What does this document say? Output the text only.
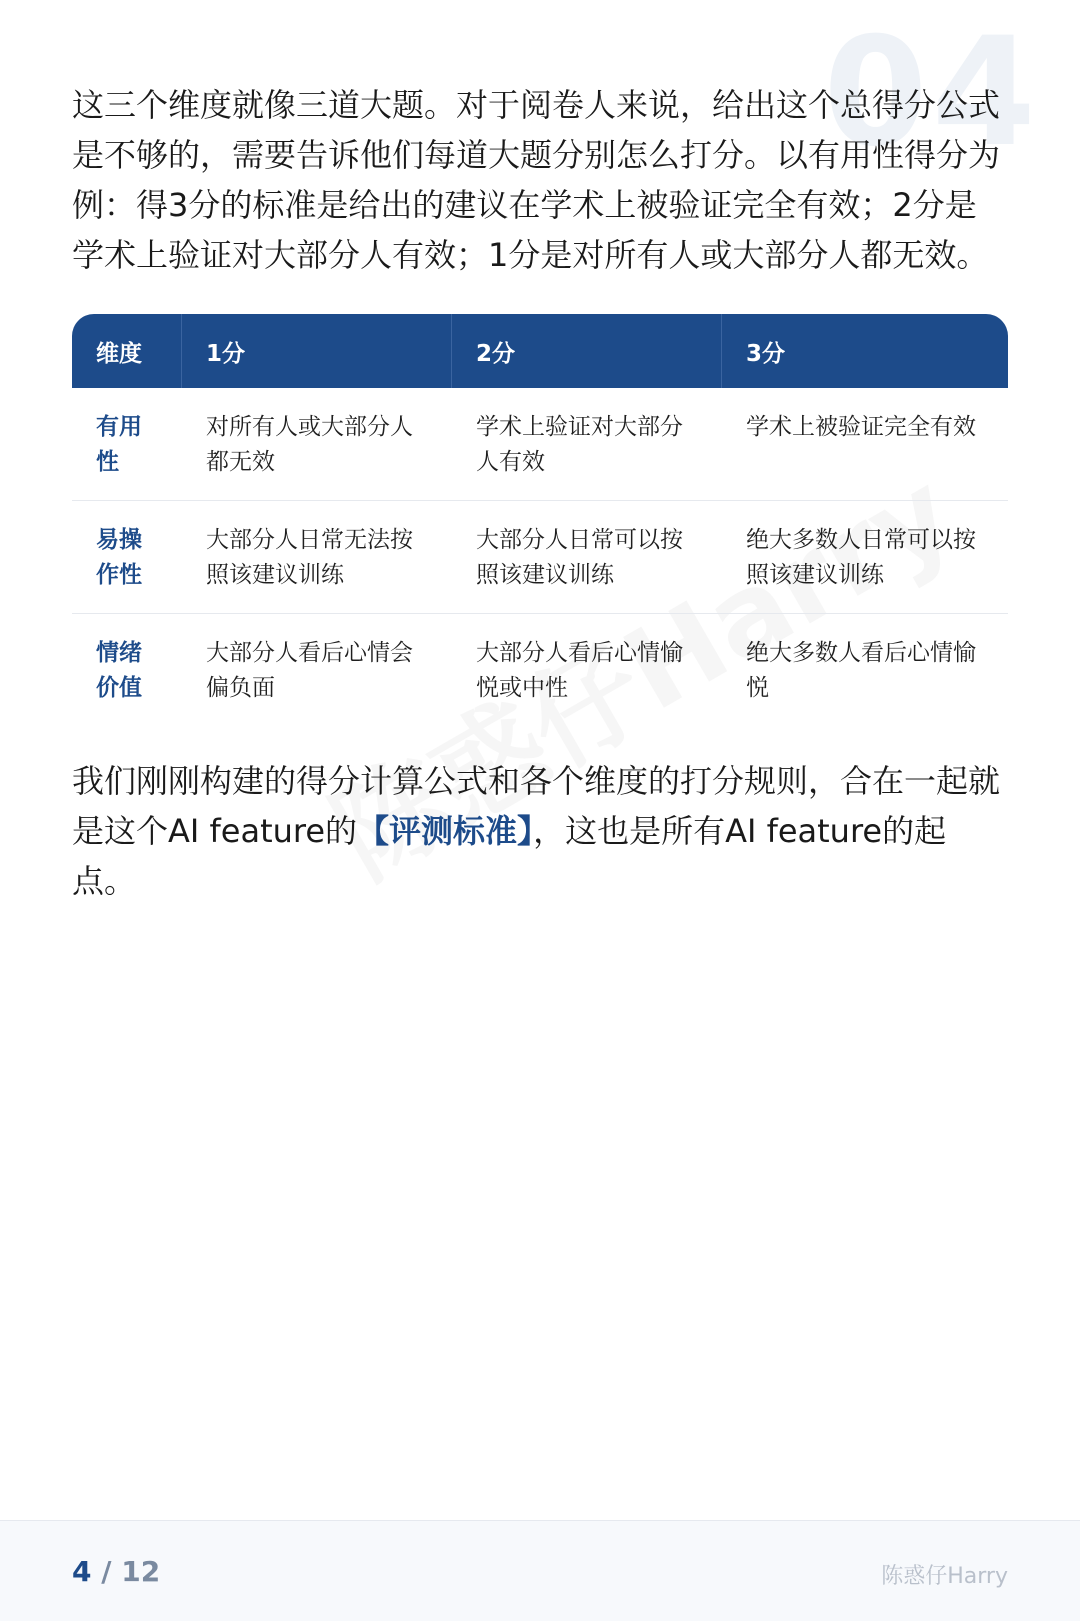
04

这三个维度就像三道大题。对于阅卷人来说，给出这个总得分公式是不够的，需要告诉他们每道大题分别怎么打分。以有用性得分为例：得3分的标准是给出的建议在学术上被验证完全有效；2分是学术上验证对大部分人有效；1分是对所有人或大部分人都无效。

维度	1分	2分	3分
有用性	对所有人或大部分人都无效	学术上验证对大部分人有效	学术上被验证完全有效
易操作性	大部分人日常无法按照该建议训练	大部分人日常可以按照该建议训练	绝大多数人日常可以按照该建议训练
情绪价值	大部分人看后心情会偏负面	大部分人看后心情愉悦或中性	绝大多数人看后心情愉悦

我们刚刚构建的得分计算公式和各个维度的打分规则，合在一起就是这个AI feature的【评测标准】，这也是所有AI feature的起点。

4 / 12	陈惑仔Harry
